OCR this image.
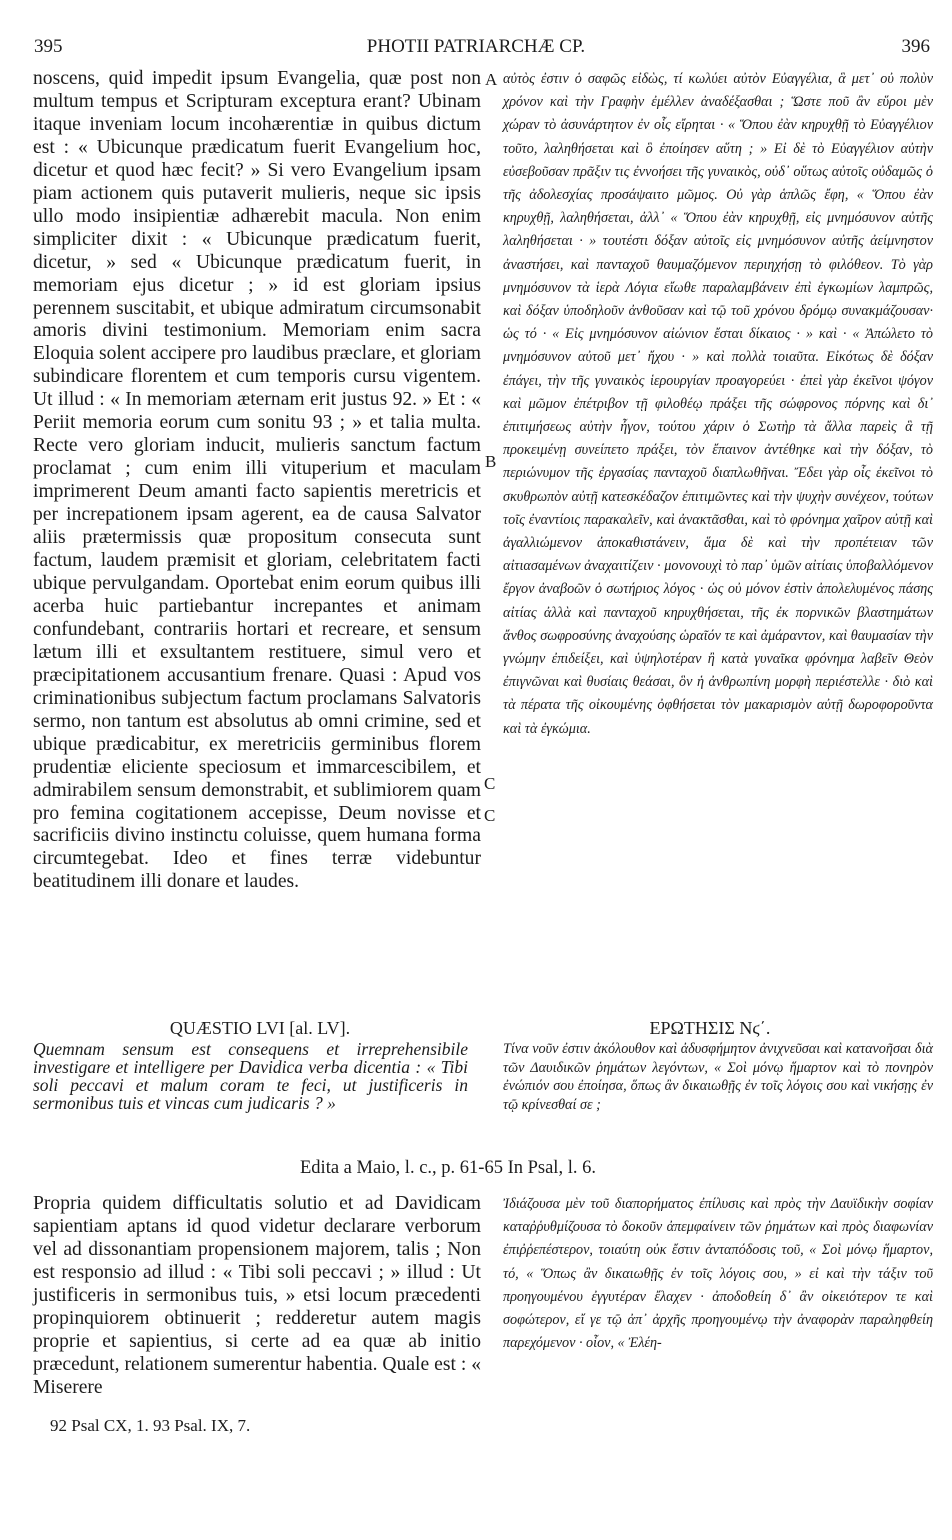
395	PHOTII PATRIARCHÆ CP.	396
A
B
C
C
noscens, quid impedit ipsum Evangelia, quæ post non multum tempus et Scripturam exceptura erant? Ubinam itaque inveniam locum incohærentiæ in quibus dictum est : « Ubicunque prædicatum fuerit Evangelium hoc, dicetur et quod hæc fecit? » Si vero Evangelium ipsam piam actionem quis putaverit mulieris, neque sic ipsis ullo modo insipientiæ adhærebit macula. Non enim simpliciter dixit : « Ubicunque prædicatum fuerit, dicetur, » sed « Ubicunque prædicatum fuerit, in memoriam ejus dicetur ; » id est gloriam ipsius perennem suscitabit, et ubique admiratum circumsonabit amoris divini testimonium. Memoriam enim sacra Eloquia solent accipere pro laudibus præclare, et gloriam subindicare florentem et cum temporis cursu vigentem. Ut illud : « In memoriam æternam erit justus 92. » Et : « Periit memoria eorum cum sonitu 93 ; » et talia multa. Recte vero gloriam inducit, mulieris sanctum factum proclamat ; cum enim illi vituperium et maculam imprimerent Deum amanti facto sapientis meretricis et per increpationem ipsam agerent, ea de causa Salvator aliis prætermissis quæ propositum consecuta sunt factum, laudem præmisit et gloriam, celebritatem facti ubique pervulgandam. Oportebat enim eorum quibus illi acerba huic partiebantur increpantes et animam confundebant, contrariis hortari et recreare, et sensum lætum illi et exsultantem restituere, simul vero et præcipitationem accusantium frenare. Quasi : Apud vos criminationibus subjectum factum proclamans Salvatoris sermo, non tantum est absolutus ab omni crimine, sed et ubique prædicabitur, ex meretriciis germinibus florem prudentiæ eliciente speciosum et immarcescibilem, et admirabilem sensum demonstrabit, et sublimiorem quam pro femina cogitationem accepisse, Deum novisse et sacrificiis divino instinctu coluisse, quem humana forma circumtegebat. Ideo et fines terræ videbuntur beatitudinem illi donare et laudes.
αὐτὸς ἐστιν ὁ σαφῶς εἰδὼς, τί κωλύει αὐτὸν Εὐαγγέλια, ἃ μετ᾽ οὐ πολὺν χρόνον καὶ τὴν Γραφὴν ἐμέλλεν ἀναδέξασθαι ; Ὥστε ποῦ ἂν εὕροι μὲν χώραν τὸ ἀσυνάρτητον ἐν οἷς εἴρηται · « Ὅπου ἐὰν κηρυχθῇ τὸ Εὐαγγέλιον τοῦτο, λαληθήσεται καὶ ὃ ἐποίησεν αὕτη ; » Εἰ δὲ τὸ Εὐαγγέλιον αὐτὴν εὐσεβοῦσαν πρᾶξιν τις ἐννοήσει τῆς γυναικὸς, οὐδ᾽ οὕτως αὐτοῖς οὐδαμῶς ὁ τῆς ἀδολεσχίας προσάψαιτο μῶμος. Οὐ γὰρ ἁπλῶς ἔφη, « Ὅπου ἐὰν κηρυχθῇ, λαληθήσεται, ἀλλ᾽ « Ὅπου ἐὰν κηρυχθῇ, εἰς μνημόσυνον αὐτῆς λαληθήσεται · » τουτέστι δόξαν αὐτοῖς εἰς μνημόσυνον αὐτῆς ἀείμνηστον ἀναστήσει, καὶ πανταχοῦ θαυμαζόμενον περιηχήσῃ τὸ φιλόθεον. Τὸ γὰρ μνημόσυνον τὰ ἱερὰ Λόγια εἴωθε παραλαμβάνειν ἐπὶ ἐγκωμίων λαμπρῶς, καὶ δόξαν ὑποδηλοῦν ἀνθοῦσαν καὶ τῷ τοῦ χρόνου δρόμῳ συνακμάζουσαν· ὡς τό · « Εἰς μνημόσυνον αἰώνιον ἔσται δίκαιος · » καὶ · « Ἀπώλετο τὸ μνημόσυνον αὐτοῦ μετ᾽ ἤχου · » καὶ πολλὰ τοιαῦτα. Εἰκότως δὲ δόξαν ἐπάγει, τὴν τῆς γυναικὸς ἱερουργίαν προαγορεύει · ἐπεὶ γὰρ ἐκεῖνοι ψόγον καὶ μῶμον ἐπέτριβον τῇ φιλοθέῳ πράξει τῆς σώφρονος πόρνης καὶ δι᾽ ἐπιτιμήσεως αὐτὴν ἦγον, τούτου χάριν ὁ Σωτὴρ τὰ ἄλλα παρεὶς ἃ τῇ προκειμένῃ συνείπετο πράξει, τὸν ἔπαινον ἀντέθηκε καὶ τὴν δόξαν, τὸ περιώνυμον τῆς ἐργασίας πανταχοῦ διαπλωθῆναι. Ἔδει γὰρ οἷς ἐκεῖνοι τὸ σκυθρωπὸν αὐτῇ κατεσκέδαζον ἐπιτιμῶντες καὶ τὴν ψυχὴν συνέχεον, τούτων τοῖς ἐναντίοις παρακαλεῖν, καὶ ἀνακτᾶσθαι, καὶ τὸ φρόνημα χαῖρον αὐτῇ καὶ ἀγαλλιώμενον ἀποκαθιστάνειν, ἅμα δὲ καὶ τὴν προπέτειαν τῶν αἰτιασαμένων ἀναχαιτίζειν · μονονουχὶ τὸ παρ᾽ ὑμῶν αἰτίαις ὑποβαλλόμενον ἔργον ἀναβοῶν ὁ σωτήριος λόγος · ὡς οὐ μόνον ἐστὶν ἀπολελυμένος πάσης αἰτίας ἀλλὰ καὶ πανταχοῦ κηρυχθήσεται, τῆς ἐκ πορνικῶν βλαστημάτων ἄνθος σωφροσύνης ἀναχούσης ὡραῖόν τε καὶ ἀμάραντον, καὶ θαυμασίαν τὴν γνώμην ἐπιδείξει, καὶ ὑψηλοτέραν ἢ κατὰ γυναῖκα φρόνημα λαβεῖν Θεὸν ἐπιγνῶναι καὶ θυσίαις θεάσαι, ὃν ἡ ἀνθρωπίνη μορφὴ περιέστελλε · διὸ καὶ τὰ πέρατα τῆς οἰκουμένης ὀφθήσεται τὸν μακαρισμὸν αὐτῇ δωροφοροῦντα καὶ τὰ ἐγκώμια.
QUÆSTIO LVI [al. LV].
Quemnam sensum est consequens et irreprehensibile investigare et intelligere per Davidica verba dicentia : « Tibi soli peccavi et malum coram te feci, ut justificeris in sermonibus tuis et vincas cum judicaris ? »
ΕΡΩΤΗΣΙΣ Νϛ΄.
Τίνα νοῦν ἐστιν ἀκόλουθον καὶ ἀδυσφήμητον ἀνιχνεῦσαι καὶ κατανοῆσαι διὰ τῶν Δαυιδικῶν ῥημάτων λεγόντων, « Σοὶ μόνῳ ἥμαρτον καὶ τὸ πονηρὸν ἐνώπιόν σου ἐποίησα, ὅπως ἂν δικαιωθῇς ἐν τοῖς λόγοις σου καὶ νικήσῃς ἐν τῷ κρίνεσθαί σε ;
Edita a Maio, l. c., p. 61-65 In Psal, l. 6.
Propria quidem difficultatis solutio et ad Davidicam sapientiam aptans id quod videtur declarare verborum vel ad dissonantiam propensionem majorem, talis ; Non est responsio ad illud : « Tibi soli peccavi ; » illud : Ut justificeris in sermonibus tuis, » etsi locum præcedenti propinquiorem obtinuerit ; redderetur autem magis proprie et sapientius, si certe ad ea quæ ab initio præcedunt, relationem sumerentur habentia. Quale est : « Miserere
Ἰδιάζουσα μὲν τοῦ διαπορήματος ἐπίλυσις καὶ πρὸς τὴν Δαυϊδικὴν σοφίαν καταῤῥυθμίζουσα τὸ δοκοῦν ἀπεμφαίνειν τῶν ῥημάτων καὶ πρὸς διαφωνίαν ἐπιῤῥεπέστερον, τοιαύτη οὐκ ἔστιν ἀνταπόδοσις τοῦ, « Σοὶ μόνῳ ἥμαρτον, τό, « Ὅπως ἂν δικαιωθῇς ἐν τοῖς λόγοις σου, » εἰ καὶ τὴν τάξιν τοῦ προηγουμένου ἐγγυτέραν ἔλαχεν · ἀποδοθείη δ᾽ ἂν οἰκειότερον τε καὶ σοφώτερον, εἴ γε τῷ ἀπ᾽ ἀρχῆς προηγουμένῳ τὴν ἀναφορὰν παραληφθείη παρεχόμενον · οἷον, « Ἐλέη-
92 Psal CX, 1. 93 Psal. IX, 7.
